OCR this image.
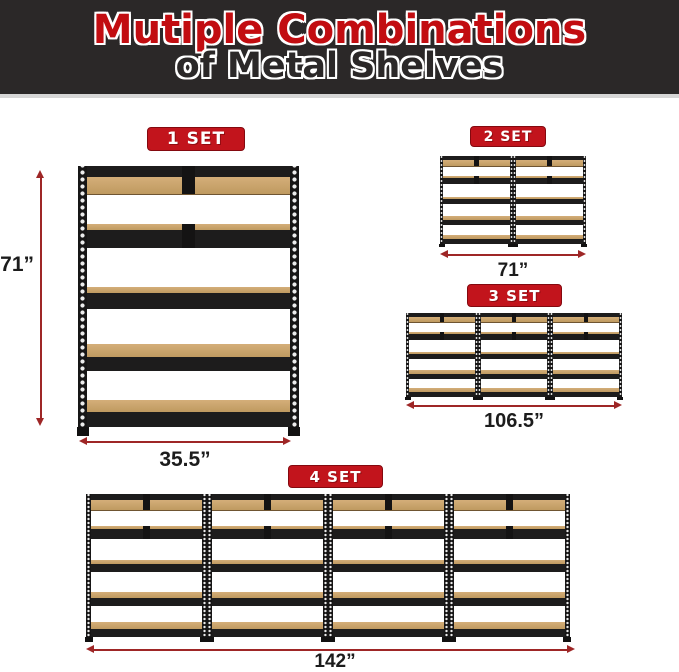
Mutiple Combinations
of Metal Shelves
1 SET
71”
35.5”
2 SET
71”
3 SET
106.5”
4 SET
142”
